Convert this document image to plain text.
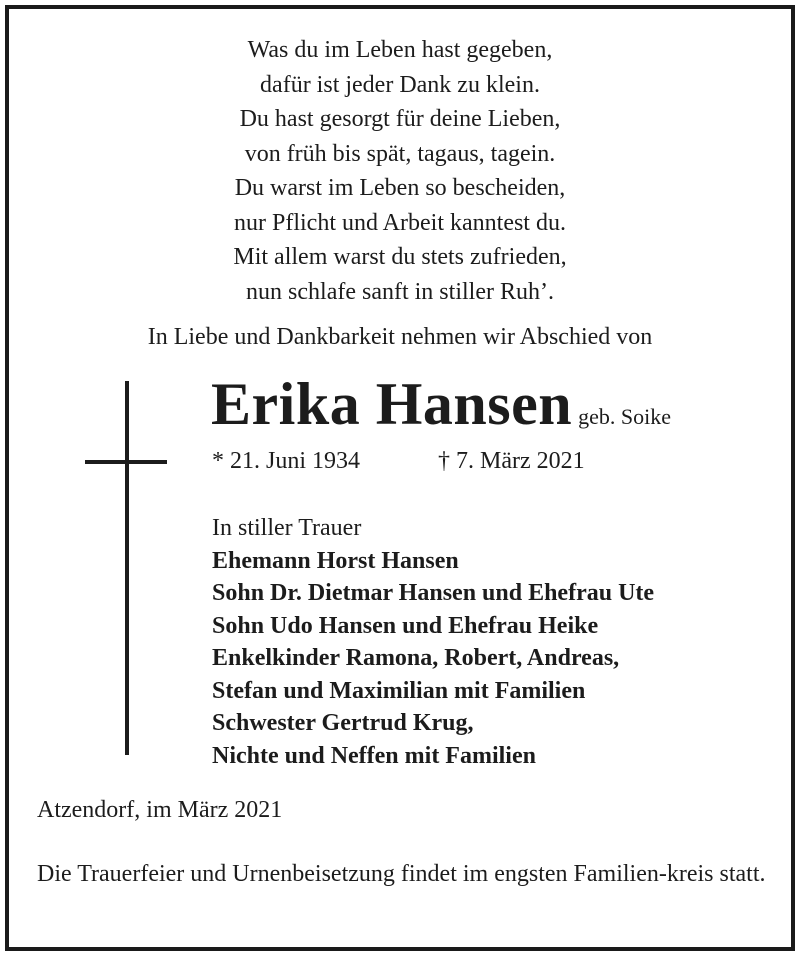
Was du im Leben hast gegeben,
dafür ist jeder Dank zu klein.
Du hast gesorgt für deine Lieben,
von früh bis spät, tagaus, tagein.
Du warst im Leben so bescheiden,
nur Pflicht und Arbeit kanntest du.
Mit allem warst du stets zufrieden,
nun schlafe sanft in stiller Ruh’.
In Liebe und Dankbarkeit nehmen wir Abschied von
Erika Hansen geb. Soike
* 21. Juni 1934	† 7. März 2021
In stiller Trauer
Ehemann Horst Hansen
Sohn Dr. Dietmar Hansen und Ehefrau Ute
Sohn Udo Hansen und Ehefrau Heike
Enkelkinder Ramona, Robert, Andreas,
Stefan und Maximilian mit Familien
Schwester Gertrud Krug,
Nichte und Neffen mit Familien
Atzendorf, im März 2021
Die Trauerfeier und Urnenbeisetzung findet im engsten Familien-kreis statt.
